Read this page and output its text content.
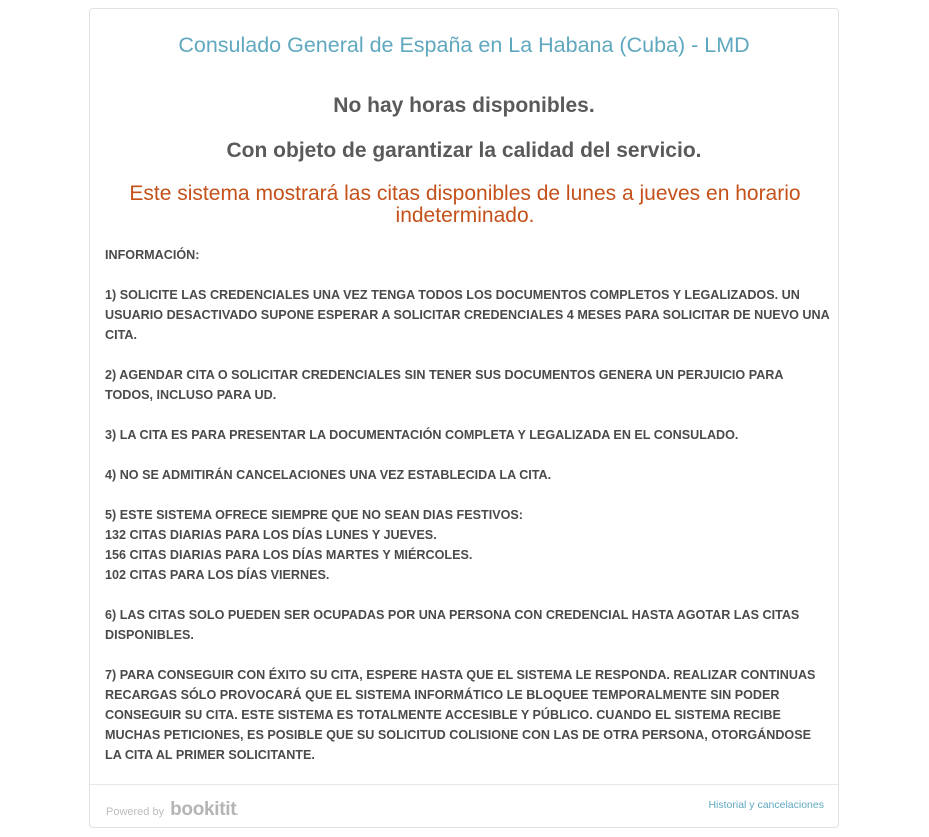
Consulado General de España en La Habana (Cuba) - LMD
No hay horas disponibles.
Con objeto de garantizar la calidad del servicio.
Este sistema mostrará las citas disponibles de lunes a jueves en horario indeterminado.

INFORMACIÓN:

1) SOLICITE LAS CREDENCIALES UNA VEZ TENGA TODOS LOS DOCUMENTOS COMPLETOS Y LEGALIZADOS. UN USUARIO DESACTIVADO SUPONE ESPERAR A SOLICITAR CREDENCIALES 4 MESES PARA SOLICITAR DE NUEVO UNA CITA.

2) AGENDAR CITA O SOLICITAR CREDENCIALES SIN TENER SUS DOCUMENTOS GENERA UN PERJUICIO PARA TODOS, INCLUSO PARA UD.

3) LA CITA ES PARA PRESENTAR LA DOCUMENTACIÓN COMPLETA Y LEGALIZADA EN EL CONSULADO.

4) NO SE ADMITIRÁN CANCELACIONES UNA VEZ ESTABLECIDA LA CITA.

5) ESTE SISTEMA OFRECE SIEMPRE QUE NO SEAN DIAS FESTIVOS:
132 CITAS DIARIAS PARA LOS DÍAS LUNES Y JUEVES.
156 CITAS DIARIAS PARA LOS DÍAS MARTES Y MIÉRCOLES.
102 CITAS PARA LOS DÍAS VIERNES.

6) LAS CITAS SOLO PUEDEN SER OCUPADAS POR UNA PERSONA CON CREDENCIAL HASTA AGOTAR LAS CITAS DISPONIBLES.

7) PARA CONSEGUIR CON ÉXITO SU CITA, ESPERE HASTA QUE EL SISTEMA LE RESPONDA. REALIZAR CONTINUAS RECARGAS SÓLO PROVOCARÁ QUE EL SISTEMA INFORMÁTICO LE BLOQUEE TEMPORALMENTE SIN PODER CONSEGUIR SU CITA. ESTE SISTEMA ES TOTALMENTE ACCESIBLE Y PÚBLICO. CUANDO EL SISTEMA RECIBE MUCHAS PETICIONES, ES POSIBLE QUE SU SOLICITUD COLISIONE CON LAS DE OTRA PERSONA, OTORGÁNDOSE LA CITA AL PRIMER SOLICITANTE.

Powered by bookitit.
Historial y cancelaciones
